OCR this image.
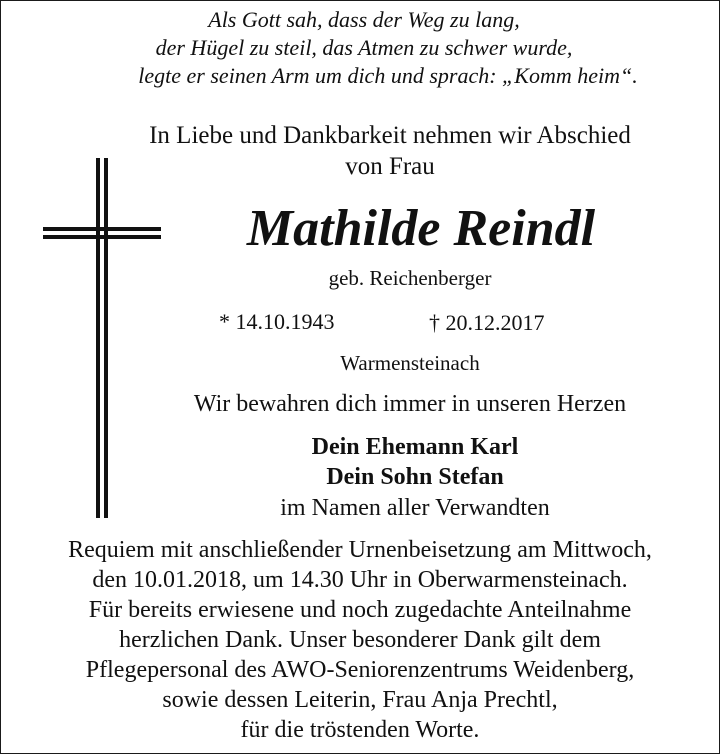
Als Gott sah, dass der Weg zu lang,
der Hügel zu steil, das Atmen zu schwer wurde,
legte er seinen Arm um dich und sprach: „Komm heim“.
In Liebe und Dankbarkeit nehmen wir Abschied
von Frau
Mathilde Reindl
geb. Reichenberger
* 14.10.1943	† 20.12.2017
Warmensteinach
Wir bewahren dich immer in unseren Herzen
Dein Ehemann Karl
Dein Sohn Stefan
im Namen aller Verwandten
Requiem mit anschließender Urnenbeisetzung am Mittwoch,
den 10.01.2018, um 14.30 Uhr in Oberwarmensteinach.
Für bereits erwiesene und noch zugedachte Anteilnahme
herzlichen Dank. Unser besonderer Dank gilt dem
Pflegepersonal des AWO-Seniorenzentrums Weidenberg,
sowie dessen Leiterin, Frau Anja Prechtl,
für die tröstenden Worte.
